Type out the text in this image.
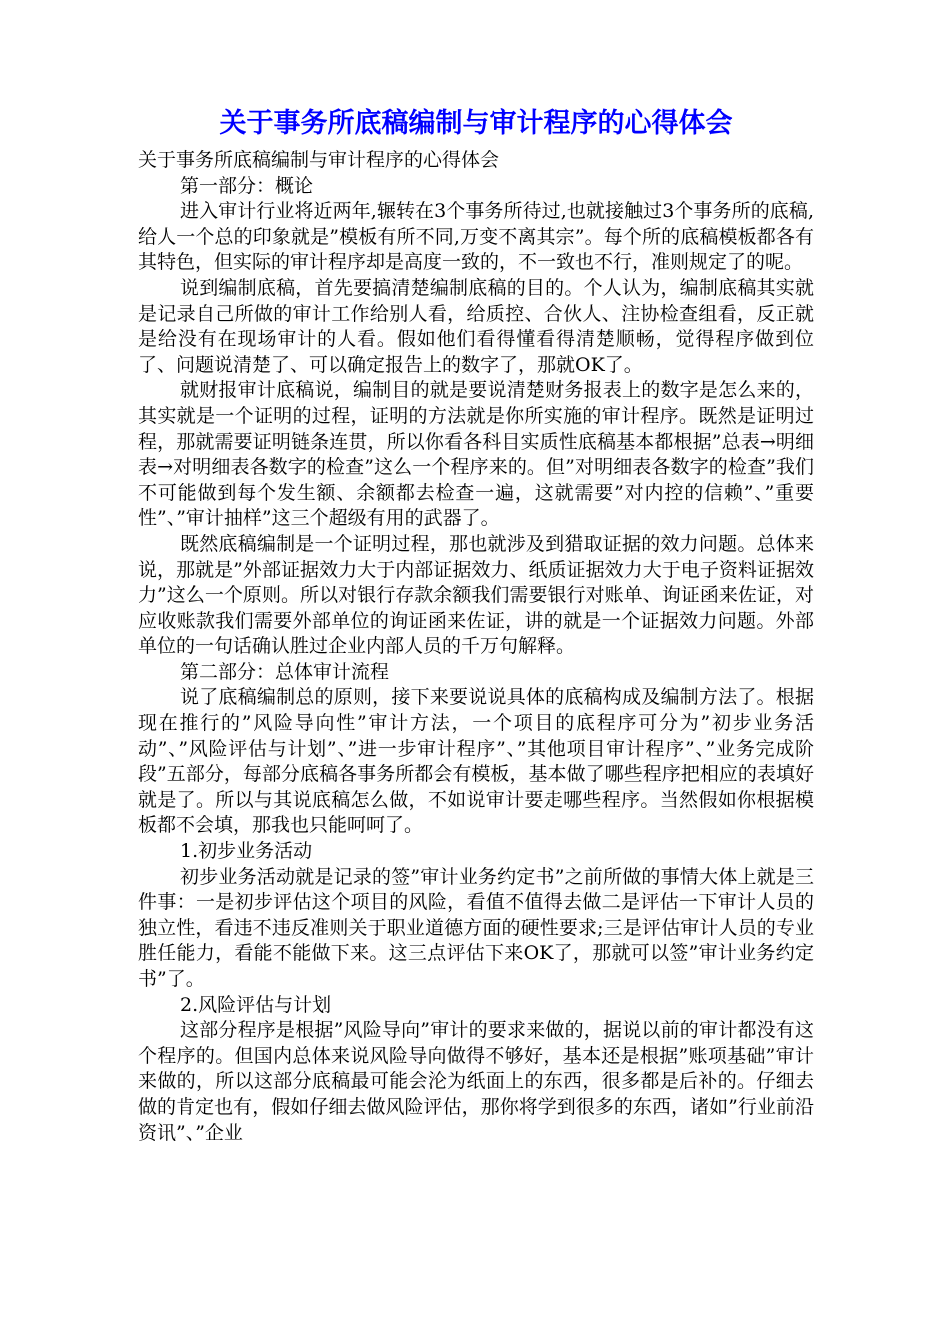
关于事务所底稿编制与审计程序的心得体会

关于事务所底稿编制与审计程序的心得体会

第一部分：概论

进入审计行业将近两年,辗转在3个事务所待过,也就接触过3个事务所的底稿,给人一个总的印象就是”模板有所不同,万变不离其宗”。每个所的底稿模板都各有其特色，但实际的审计程序却是高度一致的，不一致也不行，准则规定了的呢。

说到编制底稿，首先要搞清楚编制底稿的目的。个人认为，编制底稿其实就是记录自己所做的审计工作给别人看，给质控、合伙人、注协检查组看，反正就是给没有在现场审计的人看。假如他们看得懂看得清楚顺畅，觉得程序做到位了、问题说清楚了、可以确定报告上的数字了，那就OK了。

就财报审计底稿说，编制目的就是要说清楚财务报表上的数字是怎么来的，其实就是一个证明的过程，证明的方法就是你所实施的审计程序。既然是证明过程，那就需要证明链条连贯，所以你看各科目实质性底稿基本都根据”总表→明细表→对明细表各数字的检查”这么一个程序来的。但”对明细表各数字的检查”我们不可能做到每个发生额、余额都去检查一遍，这就需要”对内控的信赖”、”重要性”、”审计抽样”这三个超级有用的武器了。

既然底稿编制是一个证明过程，那也就涉及到猎取证据的效力问题。总体来说，那就是”外部证据效力大于内部证据效力、纸质证据效力大于电子资料证据效力”这么一个原则。所以对银行存款余额我们需要银行对账单、询证函来佐证，对应收账款我们需要外部单位的询证函来佐证，讲的就是一个证据效力问题。外部单位的一句话确认胜过企业内部人员的千万句解释。

第二部分：总体审计流程

说了底稿编制总的原则，接下来要说说具体的底稿构成及编制方法了。根据现在推行的”风险导向性”审计方法，一个项目的底程序可分为”初步业务活动”、”风险评估与计划”、”进一步审计程序”、”其他项目审计程序”、”业务完成阶段”五部分，每部分底稿各事务所都会有模板，基本做了哪些程序把相应的表填好就是了。所以与其说底稿怎么做，不如说审计要走哪些程序。当然假如你根据模板都不会填，那我也只能呵呵了。

1.初步业务活动

初步业务活动就是记录的签”审计业务约定书”之前所做的事情大体上就是三件事：一是初步评估这个项目的风险，看值不值得去做二是评估一下审计人员的独立性，看违不违反准则关于职业道德方面的硬性要求;三是评估审计人员的专业胜任能力，看能不能做下来。这三点评估下来OK了，那就可以签”审计业务约定书”了。

2.风险评估与计划

这部分程序是根据”风险导向”审计的要求来做的，据说以前的审计都没有这个程序的。但国内总体来说风险导向做得不够好，基本还是根据”账项基础”审计来做的，所以这部分底稿最可能会沦为纸面上的东西，很多都是后补的。仔细去做的肯定也有，假如仔细去做风险评估，那你将学到很多的东西，诸如”行业前沿资讯”、”企业
